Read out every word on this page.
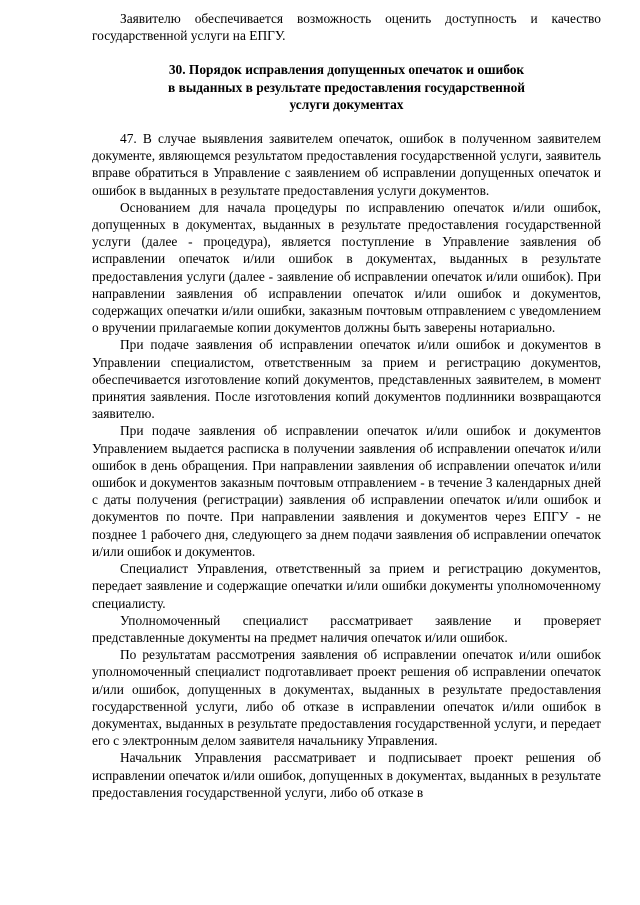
Заявителю обеспечивается возможность оценить доступность и качество государственной услуги на ЕПГУ.

30. Порядок исправления допущенных опечаток и ошибок
в выданных в результате предоставления государственной
услуги документах

47. В случае выявления заявителем опечаток, ошибок в полученном заявителем документе, являющемся результатом предоставления государственной услуги, заявитель вправе обратиться в Управление с заявлением об исправлении допущенных опечаток и ошибок в выданных в результате предоставления услуги документов.

Основанием для начала процедуры по исправлению опечаток и/или ошибок, допущенных в документах, выданных в результате предоставления государственной услуги (далее - процедура), является поступление в Управление заявления об исправлении опечаток и/или ошибок в документах, выданных в результате предоставления услуги (далее - заявление об исправлении опечаток и/или ошибок). При направлении заявления об исправлении опечаток и/или ошибок и документов, содержащих опечатки и/или ошибки, заказным почтовым отправлением с уведомлением о вручении прилагаемые копии документов должны быть заверены нотариально.

При подаче заявления об исправлении опечаток и/или ошибок и документов в Управлении специалистом, ответственным за прием и регистрацию документов, обеспечивается изготовление копий документов, представленных заявителем, в момент принятия заявления. После изготовления копий документов подлинники возвращаются заявителю.

При подаче заявления об исправлении опечаток и/или ошибок и документов Управлением выдается расписка в получении заявления об исправлении опечаток и/или ошибок в день обращения. При направлении заявления об исправлении опечаток и/или ошибок и документов заказным почтовым отправлением - в течение 3 календарных дней с даты получения (регистрации) заявления об исправлении опечаток и/или ошибок и документов по почте. При направлении заявления и документов через ЕПГУ - не позднее 1 рабочего дня, следующего за днем подачи заявления об исправлении опечаток и/или ошибок и документов.

Специалист Управления, ответственный за прием и регистрацию документов, передает заявление и содержащие опечатки и/или ошибки документы уполномоченному специалисту.

Уполномоченный специалист рассматривает заявление и проверяет представленные документы на предмет наличия опечаток и/или ошибок.

По результатам рассмотрения заявления об исправлении опечаток и/или ошибок уполномоченный специалист подготавливает проект решения об исправлении опечаток и/или ошибок, допущенных в документах, выданных в результате предоставления государственной услуги, либо об отказе в исправлении опечаток и/или ошибок в документах, выданных в результате предоставления государственной услуги, и передает его с электронным делом заявителя начальнику Управления.

Начальник Управления рассматривает и подписывает проект решения об исправлении опечаток и/или ошибок, допущенных в документах, выданных в результате предоставления государственной услуги, либо об отказе в
